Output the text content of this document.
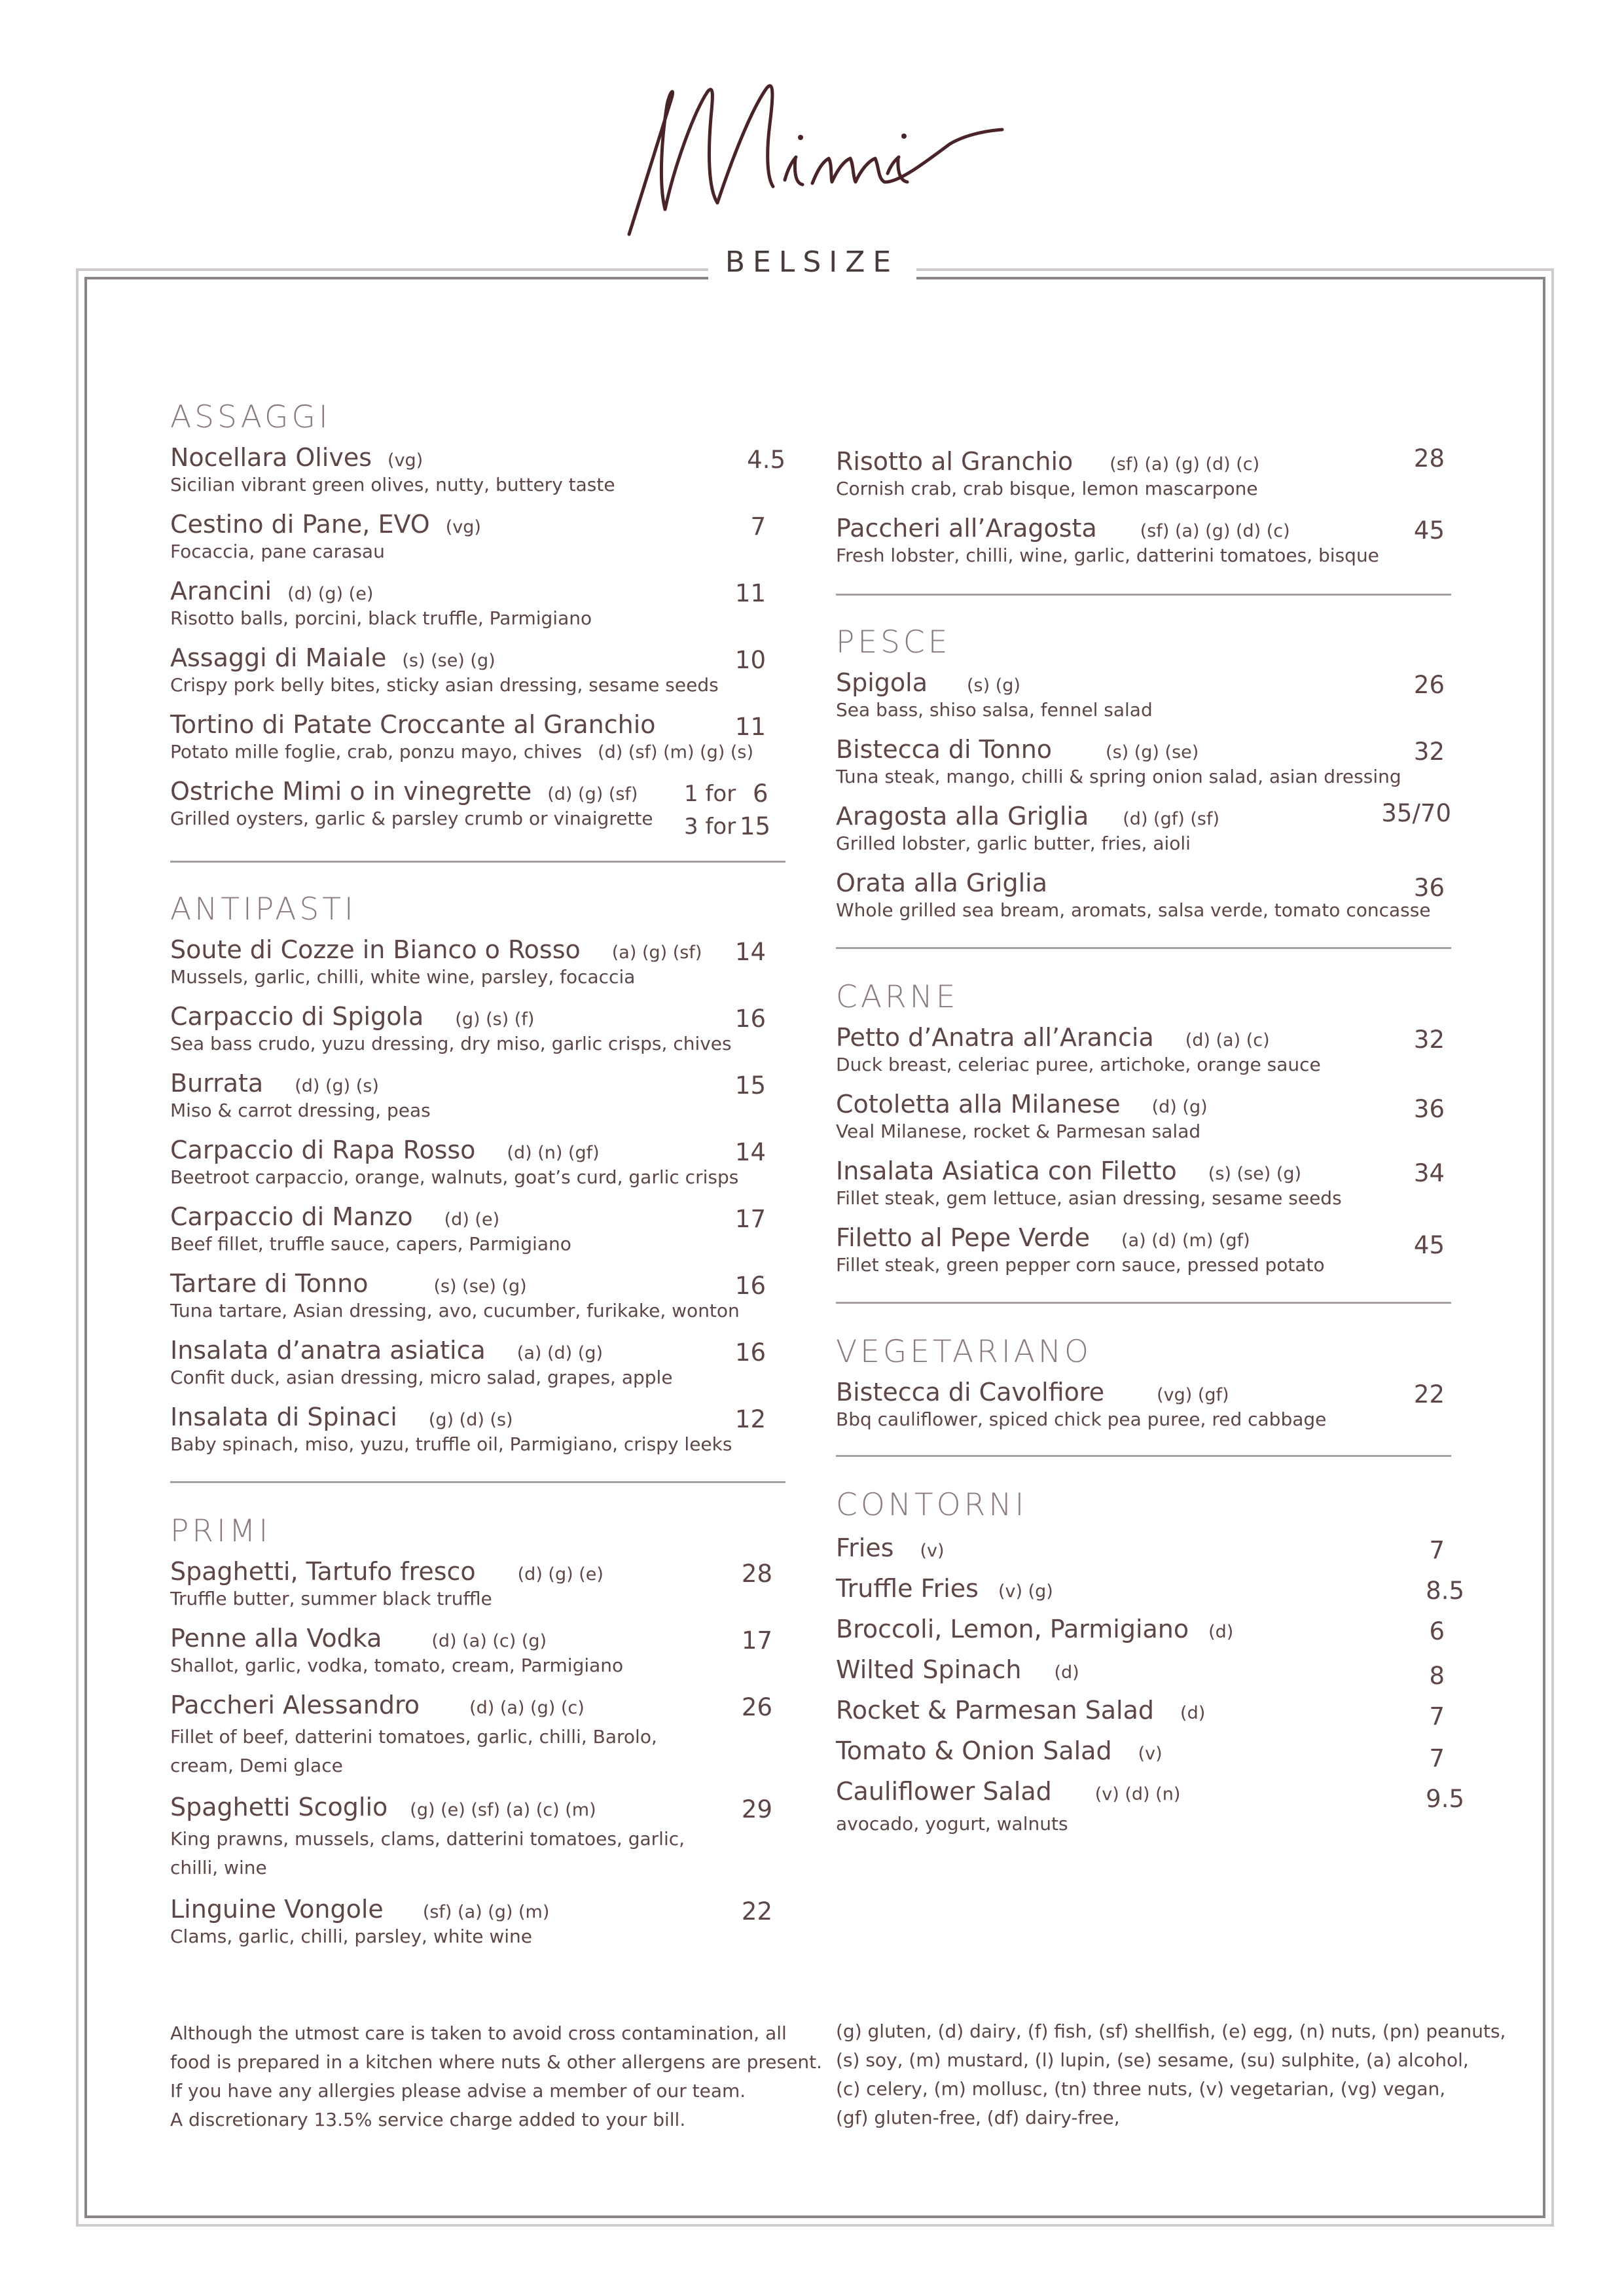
BELSIZE
ASSAGGI
Nocellara Olives (vg)
Sicilian vibrant green olives, nutty, buttery taste
4.5
Cestino di Pane, EVO (vg)
Focaccia, pane carasau
7
Arancini (d) (g) (e)
Risotto balls, porcini, black truffle, Parmigiano
11
Assaggi di Maiale (s) (se) (g)
Crispy pork belly bites, sticky asian dressing, sesame seeds
10
Tortino di Patate Croccante al Granchio
Potato mille foglie, crab, ponzu mayo, chives (d) (sf) (m) (g) (s)
11
Ostriche Mimi o in vinegrette (d) (g) (sf)
Grilled oysters, garlic & parsley crumb or vinaigrette
1 for 6
3 for 15
ANTIPASTI
Soute di Cozze in Bianco o Rosso (a) (g) (sf)
Mussels, garlic, chilli, white wine, parsley, focaccia
14
Carpaccio di Spigola (g) (s) (f)
Sea bass crudo, yuzu dressing, dry miso, garlic crisps, chives
16
Burrata (d) (g) (s)
Miso & carrot dressing, peas
15
Carpaccio di Rapa Rosso (d) (n) (gf)
Beetroot carpaccio, orange, walnuts, goat’s curd, garlic crisps
14
Carpaccio di Manzo (d) (e)
Beef fillet, truffle sauce, capers, Parmigiano
17
Tartare di Tonno	(s) (se) (g)
Tuna tartare, Asian dressing, avo, cucumber, furikake, wonton
16
Insalata d’anatra asiatica (a) (d) (g)
Confit duck, asian dressing, micro salad, grapes, apple
16
Insalata di Spinaci (g) (d) (s)
Baby spinach, miso, yuzu, truffle oil, Parmigiano, crispy leeks
12
PRIMI
Spaghetti, Tartufo fresco (d) (g) (e)
Truffle butter, summer black truffle
28
Penne alla Vodka	(d) (a) (c) (g)
Shallot, garlic, vodka, tomato, cream, Parmigiano
17
Paccheri Alessandro	(d) (a) (g) (c)
Fillet of beef, datterini tomatoes, garlic, chilli, Barolo,
cream, Demi glace
26
Spaghetti Scoglio (g) (e) (sf) (a) (c) (m)
King prawns, mussels, clams, datterini tomatoes, garlic,
chilli, wine
29
Linguine Vongole (sf) (a) (g) (m)
Clams, garlic, chilli, parsley, white wine
22
Risotto al Granchio (sf) (a) (g) (d) (c)
Cornish crab, crab bisque, lemon mascarpone
28
Paccheri all’Aragosta (sf) (a) (g) (d) (c)
Fresh lobster, chilli, wine, garlic, datterini tomatoes, bisque
45
PESCE
Spigola (s) (g)
Sea bass, shiso salsa, fennel salad
26
Bistecca di Tonno	(s) (g) (se)
Tuna steak, mango, chilli & spring onion salad, asian dressing
32
Aragosta alla Griglia (d) (gf) (sf)
Grilled lobster, garlic butter, fries, aioli
35/70
Orata alla Griglia
Whole grilled sea bream, aromats, salsa verde, tomato concasse
36
CARNE
Petto d’Anatra all’Arancia (d) (a) (c)
Duck breast, celeriac puree, artichoke, orange sauce
32
Cotoletta alla Milanese (d) (g)
Veal Milanese, rocket & Parmesan salad
36
Insalata Asiatica con Filetto (s) (se) (g)
Fillet steak, gem lettuce, asian dressing, sesame seeds
34
Filetto al Pepe Verde (a) (d) (m) (gf)
Fillet steak, green pepper corn sauce, pressed potato
45
VEGETARIANO
Bistecca di Cavolfiore	(vg) (gf)
Bbq cauliflower, spiced chick pea puree, red cabbage
22
CONTORNI
Fries (v)	7
Truffle Fries (v) (g)	8.5
Broccoli, Lemon, Parmigiano (d)	6
Wilted Spinach (d)	8
Rocket & Parmesan Salad (d)	7
Tomato & Onion Salad (v)	7
Cauliflower Salad (v) (d) (n)
avocado, yogurt, walnuts
9.5
Although the utmost care is taken to avoid cross contamination, all
food is prepared in a kitchen where nuts & other allergens are present.
If you have any allergies please advise a member of our team.
A discretionary 13.5% service charge added to your bill.
(g) gluten, (d) dairy, (f) fish, (sf) shellfish, (e) egg, (n) nuts, (pn) peanuts,
(s) soy, (m) mustard, (l) lupin, (se) sesame, (su) sulphite, (a) alcohol,
(c) celery, (m) mollusc, (tn) three nuts, (v) vegetarian, (vg) vegan,
(gf) gluten-free, (df) dairy-free,
